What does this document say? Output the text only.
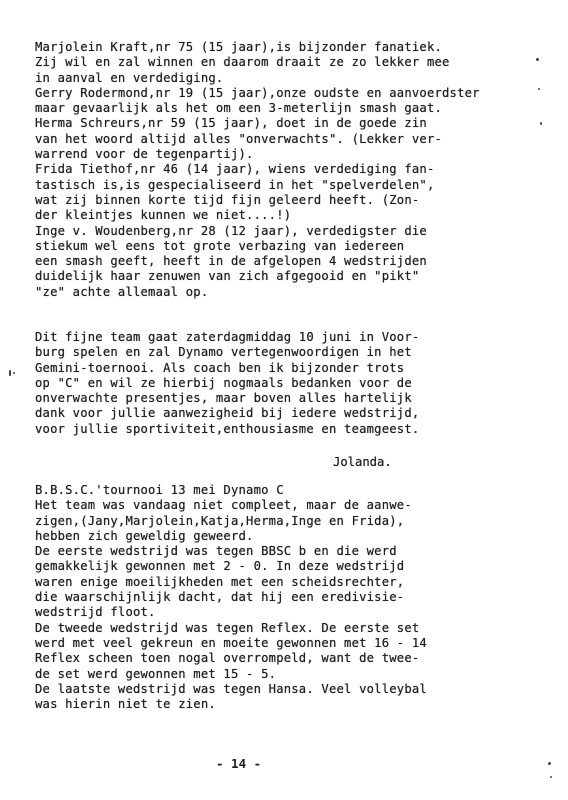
Marjolein Kraft,nr 75 (15 jaar),is bijzonder fanatiek.
Zij wil en zal winnen en daarom draait ze zo lekker mee
in aanval en verdediging.
Gerry Rodermond,nr 19 (15 jaar),onze oudste en aanvoerdster
maar gevaarlijk als het om een 3-meterlijn smash gaat.
Herma Schreurs,nr 59 (15 jaar), doet in de goede zin
van het woord altijd alles "onverwachts". (Lekker ver-
warrend voor de tegenpartij).
Frida Tiethof,nr 46 (14 jaar), wiens verdediging fan-
tastisch is,is gespecialiseerd in het "spelverdelen",
wat zij binnen korte tijd fijn geleerd heeft. (Zon-
der kleintjes kunnen we niet....!)
Inge v. Woudenberg,nr 28 (12 jaar), verdedigster die
stiekum wel eens tot grote verbazing van iedereen
een smash geeft, heeft in de afgelopen 4 wedstrijden
duidelijk haar zenuwen van zich afgegooid en "pikt"
"ze" achte allemaal op.
Dit fijne team gaat zaterdagmiddag 10 juni in Voor-
burg spelen en zal Dynamo vertegenwoordigen in het
Gemini-toernooi. Als coach ben ik bijzonder trots
op "C" en wil ze hierbij nogmaals bedanken voor de
onverwachte presentjes, maar boven alles hartelijk
dank voor jullie aanwezigheid bij iedere wedstrijd,
voor jullie sportiviteit,enthousiasme en teamgeest.
Jolanda.
B.B.S.C.'tournooi 13 mei Dynamo C
Het team was vandaag niet compleet, maar de aanwe-
zigen,(Jany,Marjolein,Katja,Herma,Inge en Frida),
hebben zich geweldig geweerd.
De eerste wedstrijd was tegen BBSC b en die werd
gemakkelijk gewonnen met 2 - 0. In deze wedstrijd
waren enige moeilijkheden met een scheidsrechter,
die waarschijnlijk dacht, dat hij een eredivisie-
wedstrijd floot.
De tweede wedstrijd was tegen Reflex. De eerste set
werd met veel gekreun en moeite gewonnen met 16 - 14
Reflex scheen toen nogal overrompeld, want de twee-
de set werd gewonnen met 15 - 5.
De laatste wedstrijd was tegen Hansa. Veel volleybal
was hierin niet te zien.
- 14 -
